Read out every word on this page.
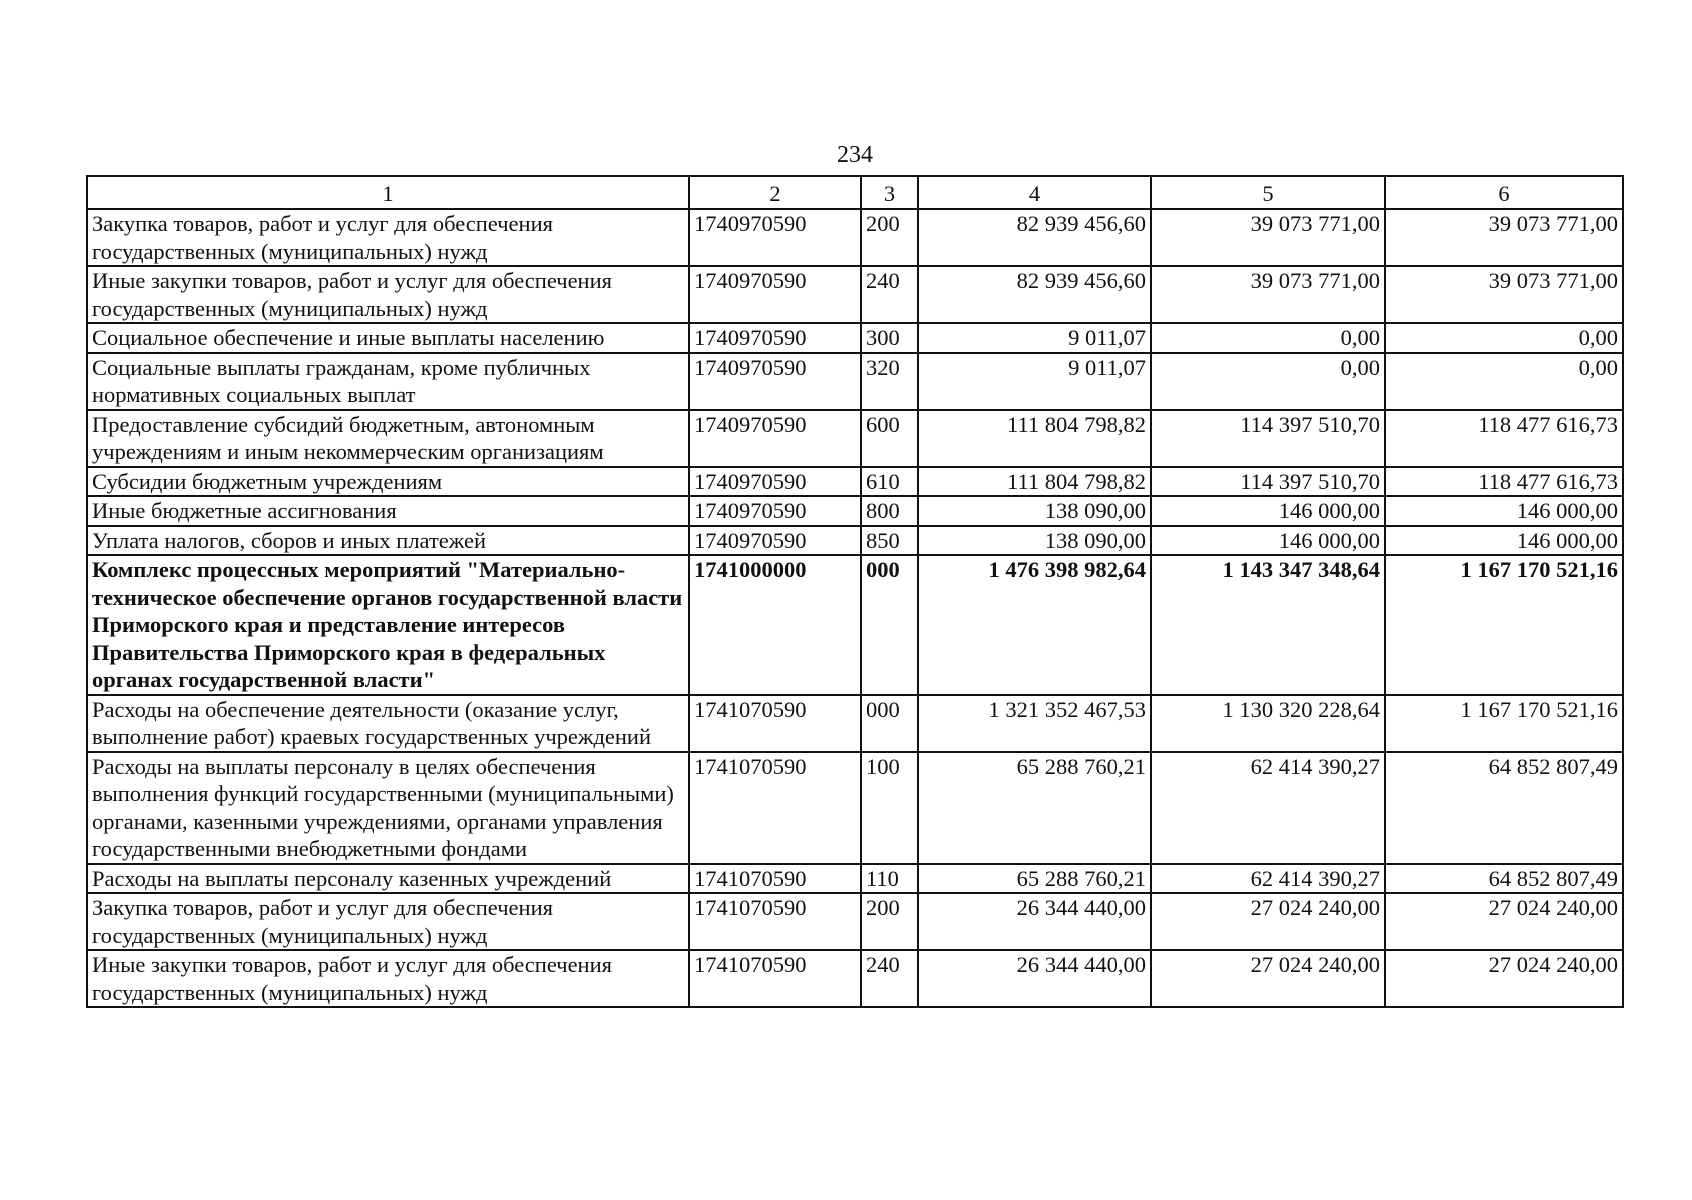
234
1	2	3	4	5	6
Закупка товаров, работ и услуг для обеспечения государственных (муниципальных) нужд	1740970590	200	82 939 456,60	39 073 771,00	39 073 771,00
Иные закупки товаров, работ и услуг для обеспечения государственных (муниципальных) нужд	1740970590	240	82 939 456,60	39 073 771,00	39 073 771,00
Социальное обеспечение и иные выплаты населению	1740970590	300	9 011,07	0,00	0,00
Социальные выплаты гражданам, кроме публичных нормативных социальных выплат	1740970590	320	9 011,07	0,00	0,00
Предоставление субсидий бюджетным, автономным учреждениям и иным некоммерческим организациям	1740970590	600	111 804 798,82	114 397 510,70	118 477 616,73
Субсидии бюджетным учреждениям	1740970590	610	111 804 798,82	114 397 510,70	118 477 616,73
Иные бюджетные ассигнования	1740970590	800	138 090,00	146 000,00	146 000,00
Уплата налогов, сборов и иных платежей	1740970590	850	138 090,00	146 000,00	146 000,00
Комплекс процессных мероприятий "Материально-техническое обеспечение органов государственной власти Приморского края и представление интересов Правительства Приморского края в федеральных органах государственной власти"	1741000000	000	1 476 398 982,64	1 143 347 348,64	1 167 170 521,16
Расходы на обеспечение деятельности (оказание услуг, выполнение работ) краевых государственных учреждений	1741070590	000	1 321 352 467,53	1 130 320 228,64	1 167 170 521,16
Расходы на выплаты персоналу в целях обеспечения выполнения функций государственными (муниципальными) органами, казенными учреждениями, органами управления государственными внебюджетными фондами	1741070590	100	65 288 760,21	62 414 390,27	64 852 807,49
Расходы на выплаты персоналу казенных учреждений	1741070590	110	65 288 760,21	62 414 390,27	64 852 807,49
Закупка товаров, работ и услуг для обеспечения государственных (муниципальных) нужд	1741070590	200	26 344 440,00	27 024 240,00	27 024 240,00
Иные закупки товаров, работ и услуг для обеспечения государственных (муниципальных) нужд	1741070590	240	26 344 440,00	27 024 240,00	27 024 240,00
